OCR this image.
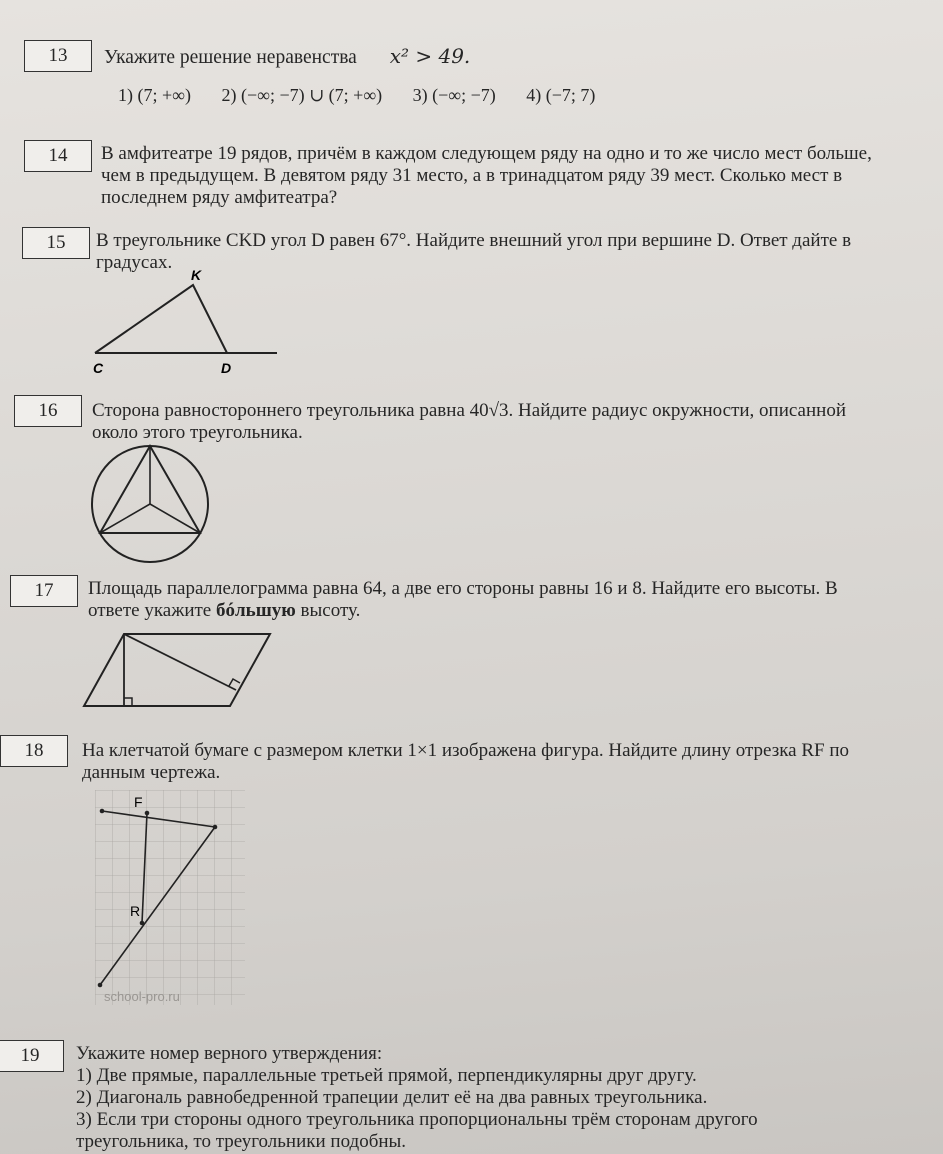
13	Укажите решение неравенства x² > 49.
1) (7; +∞) 2) (−∞; −7) ∪ (7; +∞) 3) (−∞; −7) 4) (−7; 7)
14	В амфитеатре 19 рядов, причём в каждом следующем ряду на одно и то же число мест больше,
чем в предыдущем. В девятом ряду 31 место, а в тринадцатом ряду 39 мест. Сколько мест в
последнем ряду амфитеатра?
15	В треугольнике CKD угол D равен 67°. Найдите внешний угол при вершине D. Ответ дайте в
градусах.
K
C	D
16	Сторона равностороннего треугольника равна 40√3. Найдите радиус окружности, описанной
около этого треугольника.
17	Площадь параллелограмма равна 64, а две его стороны равны 16 и 8. Найдите его высоты. В
ответе укажите бóльшую высоту.
18	На клетчатой бумаге с размером клетки 1×1 изображена фигура. Найдите длину отрезка RF по
данным чертежа.
F
R
school-pro.ru
19	Укажите номер верного утверждения:
1) Две прямые, параллельные третьей прямой, перпендикулярны друг другу.
2) Диагональ равнобедренной трапеции делит её на два равных треугольника.
3) Если три стороны одного треугольника пропорциональны трём сторонам другого
треугольника, то треугольники подобны.
